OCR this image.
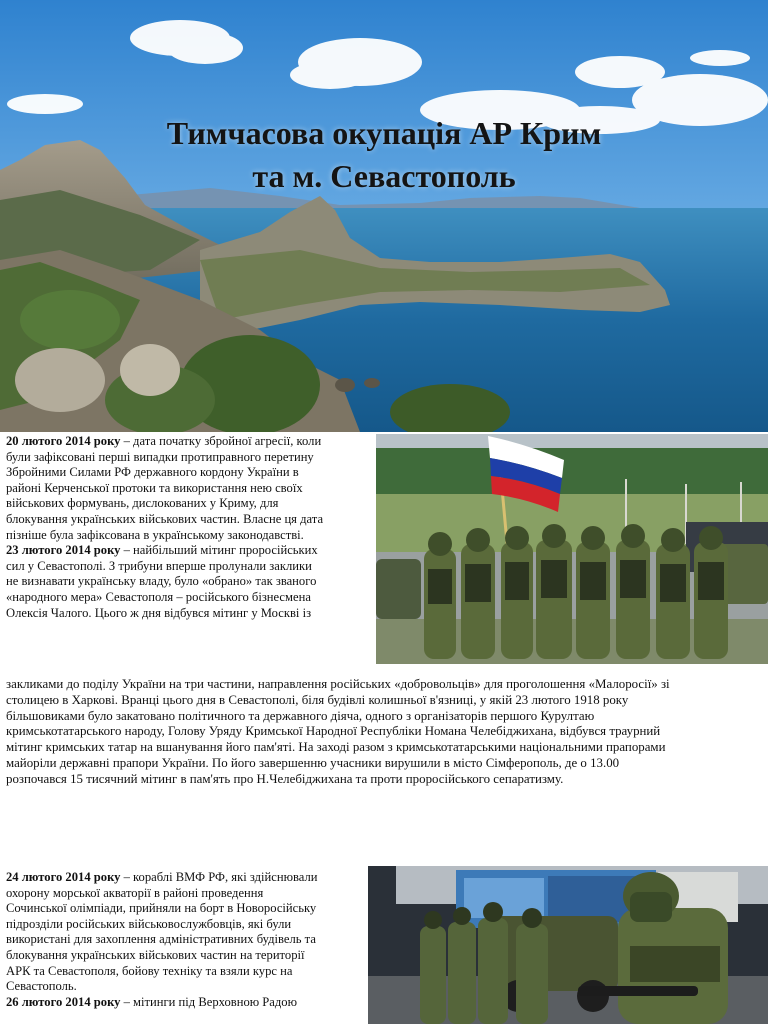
Тимчасова окупація АР Крим
та м. Севастополь
20 лютого 2014 року – дата початку збройної агресії, коли
були зафіксовані перші випадки протиправного перетину
Збройними Силами РФ державного кордону України в
районі Керченської протоки та використання нею своїх
військових формувань, дислокованих у Криму, для
блокування українських військових частин. Власне ця дата
пізніше була зафіксована в українському законодавстві.
23 лютого 2014 року – найбільший мітинг проросійських
сил у Севастополі. З трибуни вперше пролунали заклики
не визнавати українську владу, було «обрано» так званого
«народного мера» Севастополя – російського бізнесмена
Олексія Чалого. Цього ж дня відбувся мітинг у Москві із
закликами до поділу України на три частини, направлення російських «добровольців» для проголошення «Малоросії» зі
столицею в Харкові. Вранці цього дня в Севастополі, біля будівлі колишньої в'язниці, у якій 23 лютого 1918 року
більшовиками було закатовано політичного та державного діяча, одного з організаторів першого Курултаю
кримськотатарського народу, Голову Уряду Кримської Народної Республіки Номана Челебіджихана, відбувся траурний
мітинг кримських татар на вшанування його пам'яті. На заході разом з кримськотатарськими національними прапорами
майоріли державні прапори України. По його завершенню учасники вирушили в місто Сімферополь, де о 13.00
розпочався 15 тисячний мітинг в пам'ять про Н.Челебіджихана та проти проросійського сепаратизму.
24 лютого 2014 року – кораблі ВМФ РФ, які здійснювали
охорону морської акваторії в районі проведення
Сочинської олімпіади, прийняли на борт в Новоросійську
підрозділи російських військовослужбовців, які були
використані для захоплення адміністративних будівель та
блокування українських військових частин на території
АРК та Севастополя, бойову техніку та взяли курс на
Севастополь.
26 лютого 2014 року – мітинги під Верховною Радою
